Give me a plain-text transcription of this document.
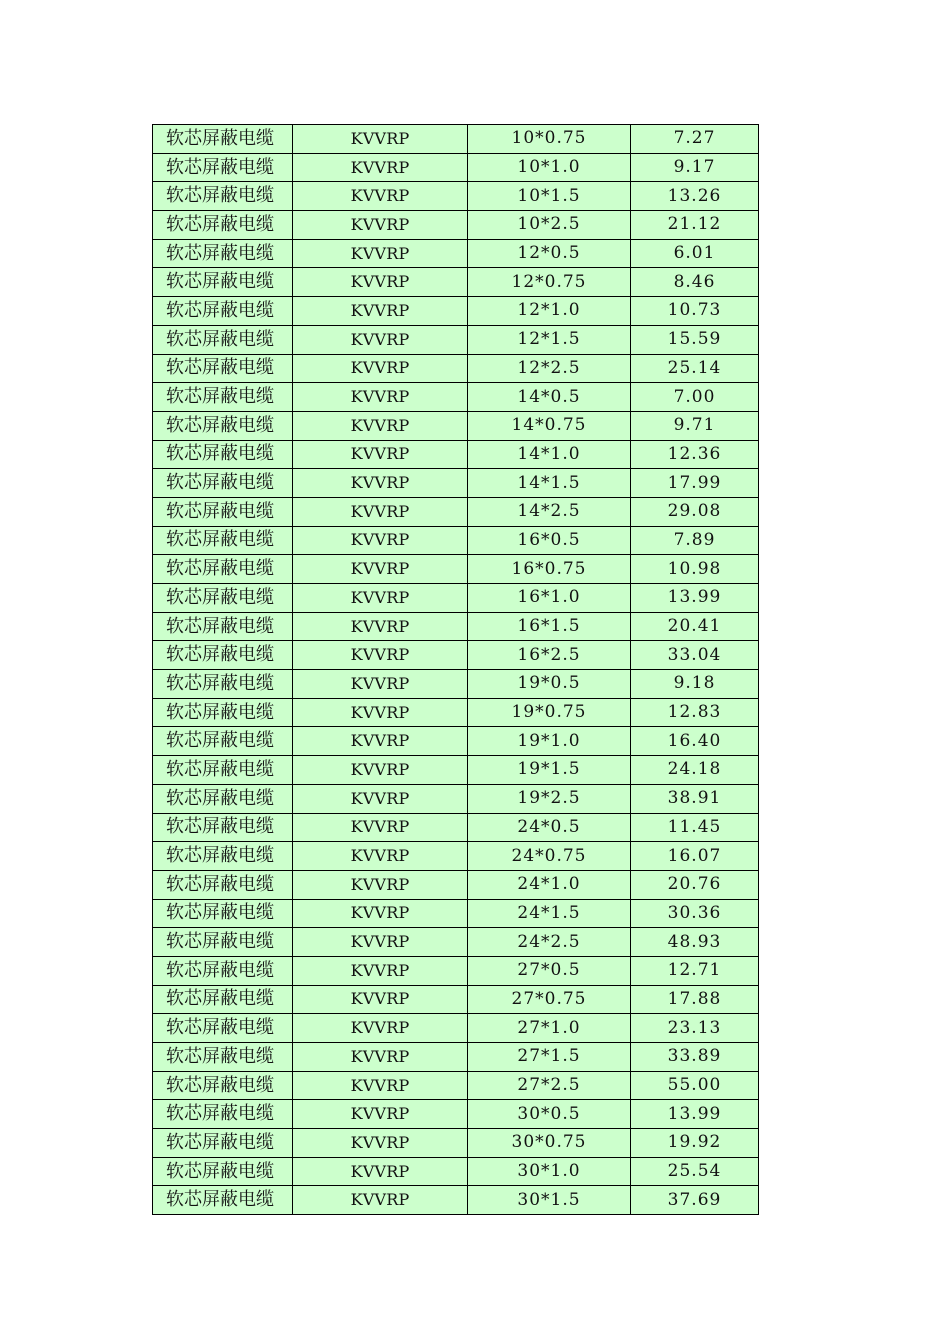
软芯屏蔽电缆	KVVRP	10*0.75	7.27
软芯屏蔽电缆	KVVRP	10*1.0	9.17
软芯屏蔽电缆	KVVRP	10*1.5	13.26
软芯屏蔽电缆	KVVRP	10*2.5	21.12
软芯屏蔽电缆	KVVRP	12*0.5	6.01
软芯屏蔽电缆	KVVRP	12*0.75	8.46
软芯屏蔽电缆	KVVRP	12*1.0	10.73
软芯屏蔽电缆	KVVRP	12*1.5	15.59
软芯屏蔽电缆	KVVRP	12*2.5	25.14
软芯屏蔽电缆	KVVRP	14*0.5	7.00
软芯屏蔽电缆	KVVRP	14*0.75	9.71
软芯屏蔽电缆	KVVRP	14*1.0	12.36
软芯屏蔽电缆	KVVRP	14*1.5	17.99
软芯屏蔽电缆	KVVRP	14*2.5	29.08
软芯屏蔽电缆	KVVRP	16*0.5	7.89
软芯屏蔽电缆	KVVRP	16*0.75	10.98
软芯屏蔽电缆	KVVRP	16*1.0	13.99
软芯屏蔽电缆	KVVRP	16*1.5	20.41
软芯屏蔽电缆	KVVRP	16*2.5	33.04
软芯屏蔽电缆	KVVRP	19*0.5	9.18
软芯屏蔽电缆	KVVRP	19*0.75	12.83
软芯屏蔽电缆	KVVRP	19*1.0	16.40
软芯屏蔽电缆	KVVRP	19*1.5	24.18
软芯屏蔽电缆	KVVRP	19*2.5	38.91
软芯屏蔽电缆	KVVRP	24*0.5	11.45
软芯屏蔽电缆	KVVRP	24*0.75	16.07
软芯屏蔽电缆	KVVRP	24*1.0	20.76
软芯屏蔽电缆	KVVRP	24*1.5	30.36
软芯屏蔽电缆	KVVRP	24*2.5	48.93
软芯屏蔽电缆	KVVRP	27*0.5	12.71
软芯屏蔽电缆	KVVRP	27*0.75	17.88
软芯屏蔽电缆	KVVRP	27*1.0	23.13
软芯屏蔽电缆	KVVRP	27*1.5	33.89
软芯屏蔽电缆	KVVRP	27*2.5	55.00
软芯屏蔽电缆	KVVRP	30*0.5	13.99
软芯屏蔽电缆	KVVRP	30*0.75	19.92
软芯屏蔽电缆	KVVRP	30*1.0	25.54
软芯屏蔽电缆	KVVRP	30*1.5	37.69
